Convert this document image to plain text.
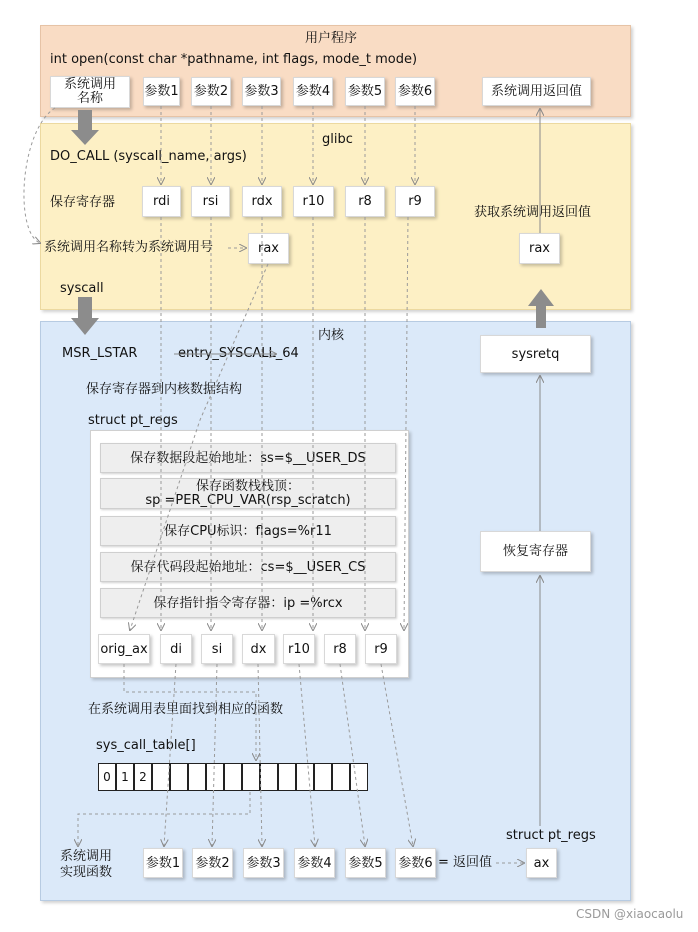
用户程序
int open(const char *pathname, int flags, mode_t mode)
系统调用
名称	参数1 参数2 参数3 参数4 参数5 参数6	系统调用返回值
glibc
DO_CALL (syscall_name, args)
保存寄存器	rdi	rsi	rdx	r10	r8	r9
获取系统调用返回值
rax
系统调用名称转为系统调用号	rax
syscall
内核
MSR_LSTAR	entry_SYSCALL_64
保存寄存器到内核数据结构
struct pt_regs
保存数据段起始地址：ss=$__USER_DS
保存函数栈栈顶：
sp =PER_CPU_VAR(rsp_scratch)
保存CPU标识：flags=%r11
保存代码段起始地址：cs=$__USER_CS
保存指针指令寄存器：ip =%rcx
orig_ax	di	si	dx	r10	r8	r9
在系统调用表里面找到相应的函数
sys_call_table[]
0 1 2
系统调用
实现函数
参数1 参数2 参数3 参数4 参数5 参数6 = 返回值
sysretq
恢复寄存器
struct pt_regs
ax
CSDN @xiaocaolu
